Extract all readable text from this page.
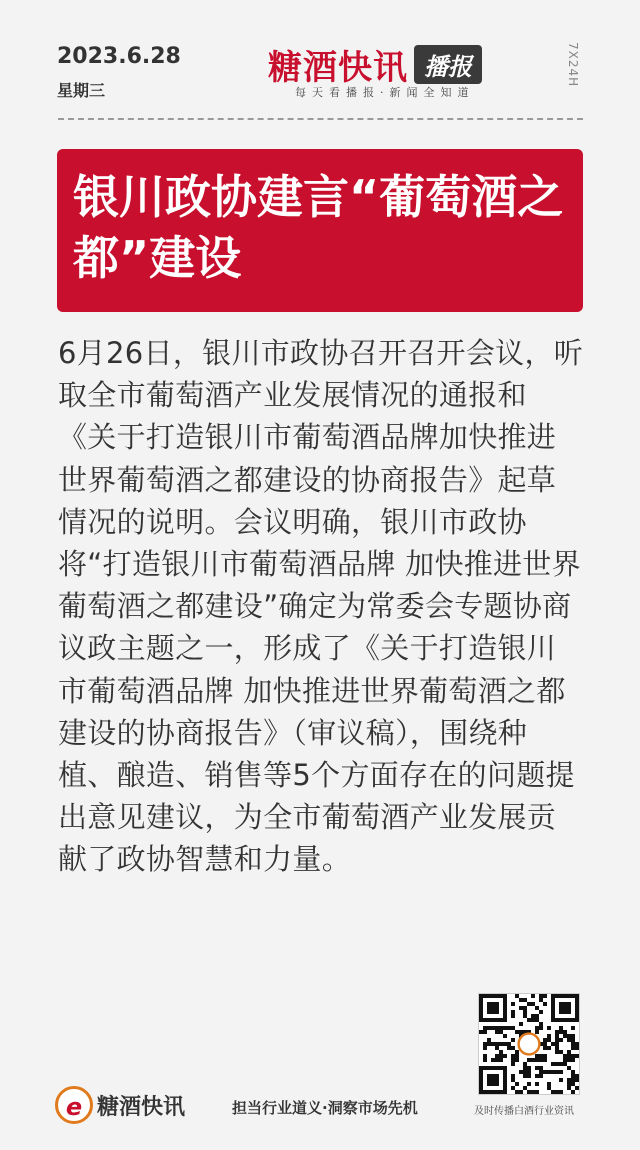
2023.6.28
星期三
糖酒快讯 播报
每天看播报·新闻全知道
7X24H
银川政协建言“葡萄酒之都”建设

6月26日，银川市政协召开召开会议，听取全市葡萄酒产业发展情况的通报和《关于打造银川市葡萄酒品牌加快推进世界葡萄酒之都建设的协商报告》起草情况的说明。会议明确，银川市政协将“打造银川市葡萄酒品牌 加快推进世界葡萄酒之都建设”确定为常委会专题协商议政主题之一，形成了《关于打造银川市葡萄酒品牌 加快推进世界葡萄酒之都建设的协商报告》（审议稿），围绕种植、酿造、销售等5个方面存在的问题提出意见建议，为全市葡萄酒产业发展贡献了政协智慧和力量。

e 糖酒快讯	担当行业道义·洞察市场先机	及时传播白酒行业资讯
